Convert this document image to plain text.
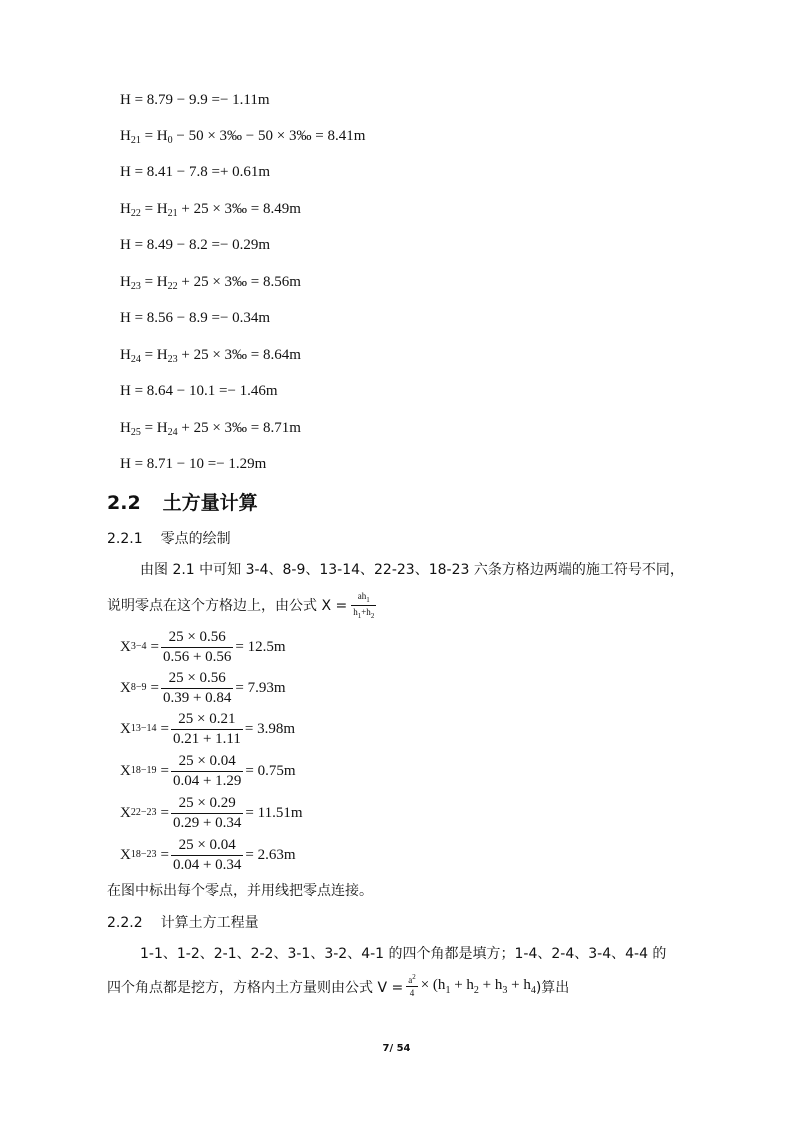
H = 8.79 − 9.9 =− 1.11m
$H_{21} = H_0 - 50$ × 3‰ − 50 × 3‰ = 8.41m
H = 8.41 − 7.8 =+ 0.61m
$H_{22} = H_{21} + 25$ × 3‰ = 8.49m
H = 8.49 − 8.2 =− 0.29m
$H_{23} = H_{22} + 25$ × 3‰ = 8.56m
H = 8.56 − 8.9 =− 0.34m
$H_{24} = H_{23} + 25$ × 3‰ = 8.64m
H = 8.64 − 10.1 =− 1.46m
$H_{25} = H_{24} + 25$ × 3‰ = 8.71m
H = 8.71 − 10 =− 1.29m
2.2 土方量计算
2.2.1 零点的绘制
由图 2.1 中可知 3-4、8-9、13-14、22-23、18-23 六条方格边两端的施工符号不同，
说明零点在这个方格边上，由公式 $X = \frac{ah_1}{h_1+h_2}$
X $3-4 = \frac{25 \times 0.56}{0.56 + 0.56} = 12.5m$
X $8-9 = \frac{25 \times 0.56}{0.39 + 0.84} = 7.93m$
X $13-14 = \frac{25 \times 0.21}{0.21 + 1.11} = 3.98m$
X $18-19 = \frac{25 \times 0.04}{0.04 + 1.29} = 0.75m$
X $22-23 = \frac{25 \times 0.29}{0.29 + 0.34} = 11.51m$
X $18-23 = \frac{25 \times 0.04}{0.04 + 0.34} = 2.63m$
在图中标出每个零点，并用线把零点连接。
2.2.2 计算土方工程量
1-1、1-2、2-1、2-2、3-1、3-2、4-1 的四个角都是填方；1-4、2-4、3-4、4-4 的
四个角点都是挖方，方格内土方量则由公式 $V = \frac{a^2}{4} \times (h_1 + h_2 + h_3 + h_4$ )算出
7/ 54
